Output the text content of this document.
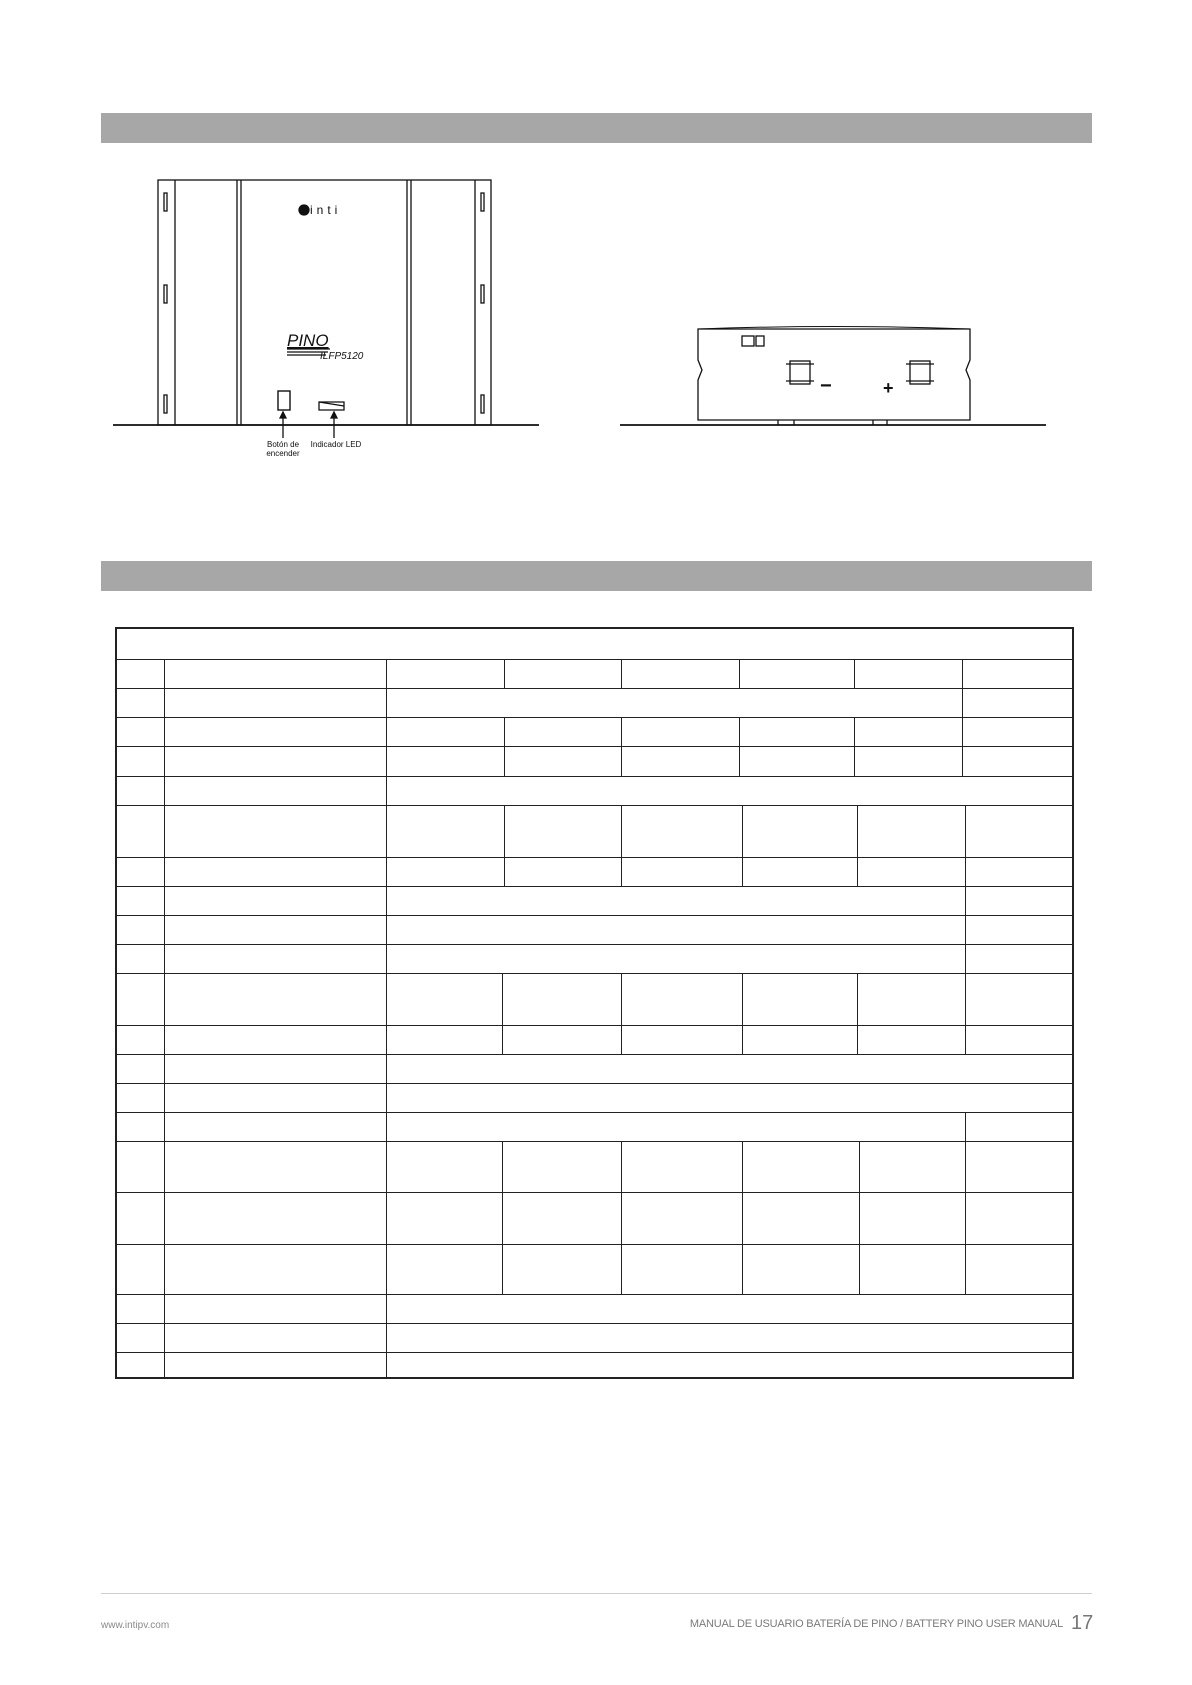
inti
PINO
ILFP5120
−	+
Botón de encender
Indicador LED
www.intipv.com	MANUAL DE USUARIO BATERÍA DE PINO / BATTERY PINO USER MANUAL 17
